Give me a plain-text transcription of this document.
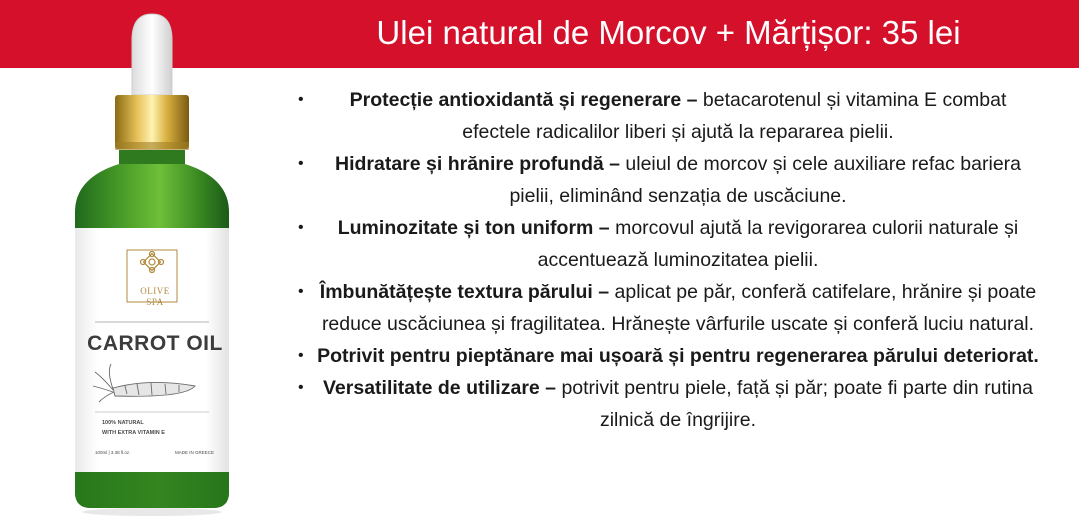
Ulei natural de Morcov + Mărțișor: 35 lei
OLIVE
SPA
CARROT OIL
100% NATURAL
WITH EXTRA VITAMIN E
100ml | 3.38 fl.oz.	MADE IN GREECE
• Protecție antioxidantă și regenerare – betacarotenul și vitamina E combat efectele radicalilor liberi și ajută la repararea pielii.
• Hidratare și hrănire profundă – uleiul de morcov și cele auxiliare refac bariera pielii, eliminând senzația de uscăciune.
• Luminozitate și ton uniform – morcovul ajută la revigorarea culorii naturale și accentuează luminozitatea pielii.
• Îmbunătățește textura părului – aplicat pe păr, conferă catifelare, hrănire și poate reduce uscăciunea și fragilitatea. Hrănește vârfurile uscate și conferă luciu natural.
• Potrivit pentru pieptănare mai ușoară și pentru regenerarea părului deteriorat.
• Versatilitate de utilizare – potrivit pentru piele, față și păr; poate fi parte din rutina zilnică de îngrijire.
